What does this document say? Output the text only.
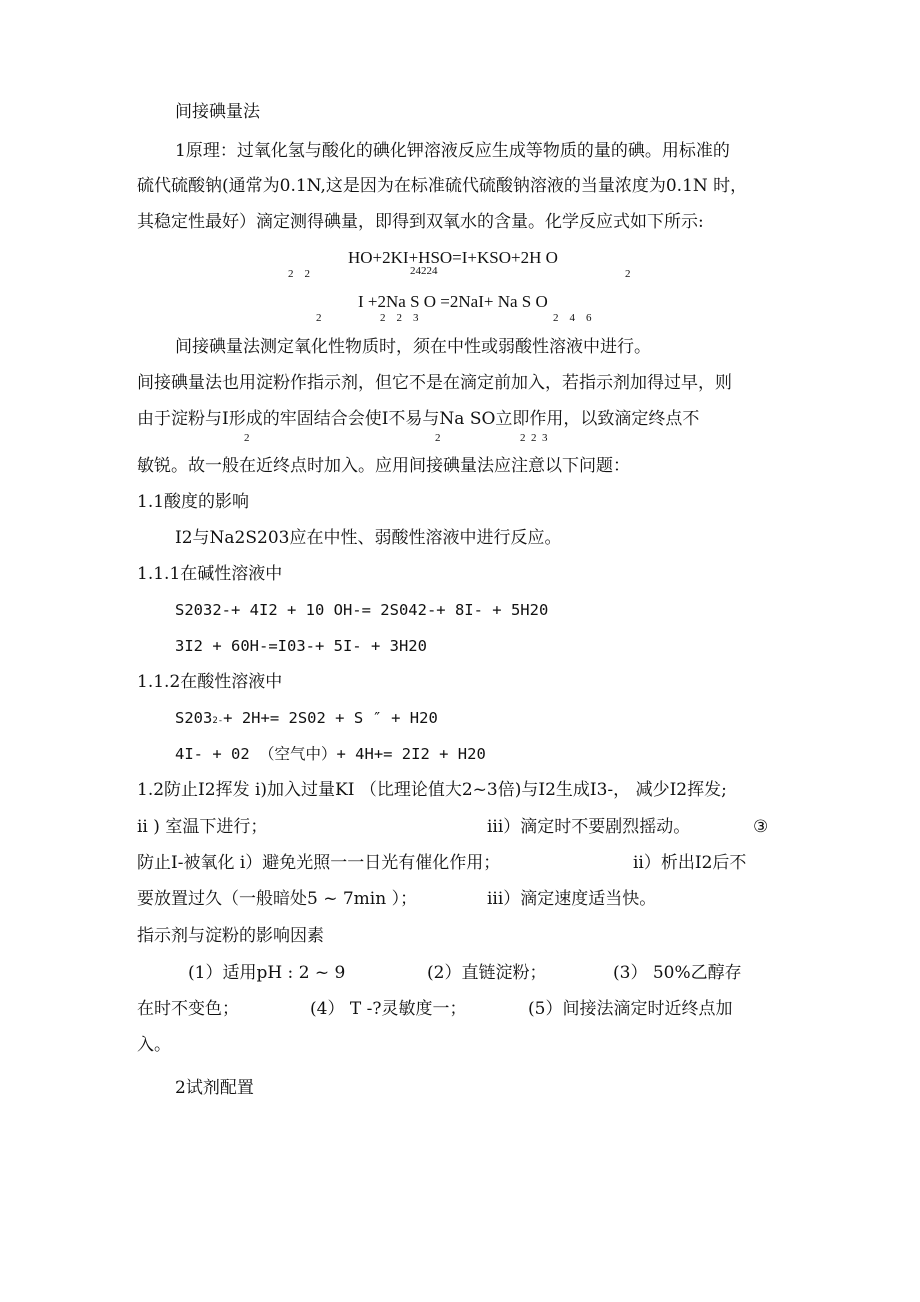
间接碘量法
1原理：过氧化氢与酸化的碘化钾溶液反应生成等物质的量的碘。用标准的
硫代硫酸钠(通常为0.1N,这是因为在标准硫代硫酸钠溶液的当量浓度为0.1N 时，
其稳定性最好）滴定测得碘量，即得到双氧水的含量。化学反应式如下所示:
HO+2KI+HSO=I+KSO+2H O
2    2	24224	2
I +2Na S O =2NaI+ Na S O
2	2    2    3	2    4    6
间接碘量法测定氧化性物质时，须在中性或弱酸性溶液中进行。
间接碘量法也用淀粉作指示剂，但它不是在滴定前加入，若指示剂加得过早，则
由于淀粉与I形成的牢固结合会使I不易与Na SO立即作用，以致滴定终点不
2	2	2  2  3
敏锐。故一般在近终点时加入。应用间接碘量法应注意以下问题：
1.1酸度的影响
I2与Na2S203应在中性、弱酸性溶液中进行反应。
1.1.1在碱性溶液中
S2032-+ 4I2 + 10 OH-= 2S042-+ 8I- + 5H20
3I2 + 60H-=I03-+ 5I- + 3H20
1.1.2在酸性溶液中
S2032-+ 2H+= 2S02 + S ″ + H20
4I- + 02 （空气中）+ 4H+= 2I2 + H20
1.2防止I2挥发 i)加入过量KI （比理论值大2~3倍)与I2生成I3-， 减少I2挥发;
ii ) 室温下进行；	iii）滴定时不要剧烈摇动。	③
防止I-被氧化 i）避免光照一一日光有催化作用；	ii）析出I2后不
要放置过久（一般暗处5 ~ 7min ）；	iii）滴定速度适当快。
指示剂与淀粉的影响因素
(1）适用pH : 2 ~ 9	(2）直链淀粉；	(3） 50%乙醇存
在时不变色；	(4） T -?灵敏度一；	(5）间接法滴定时近终点加
入。
2试剂配置
